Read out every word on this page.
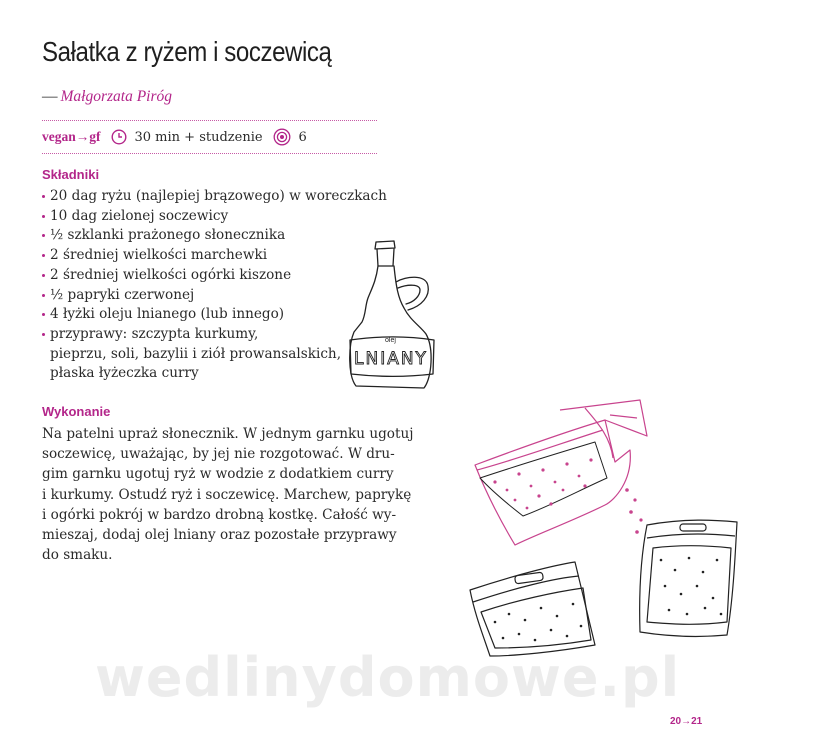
Sałatka z ryżem i soczewicą
— Małgorzata Piróg
vegan→gf	30 min + studzenie	6
Składniki
20 dag ryżu (najlepiej brązowego) w woreczkach
10 dag zielonej soczewicy
½ szklanki prażonego słonecznika
2 średniej wielkości marchewki
2 średniej wielkości ogórki kiszone
½ papryki czerwonej
4 łyżki oleju lnianego (lub innego)
przyprawy: szczypta kurkumy,
pieprzu, soli, bazylii i ziół prowansalskich,
płaska łyżeczka curry
Wykonanie
Na patelni upraż słonecznik. W jednym garnku ugotuj
soczewicę, uważając, by jej nie rozgotować. W dru-
gim garnku ugotuj ryż w wodzie z dodatkiem curry
i kurkumy. Ostudź ryż i soczewicę. Marchew, paprykę
i ogórki pokrój w bardzo drobną kostkę. Całość wy-
mieszaj, dodaj olej lniany oraz pozostałe przyprawy
do smaku.
olej
LNIANY
wedlinydomowe.pl
20→21
